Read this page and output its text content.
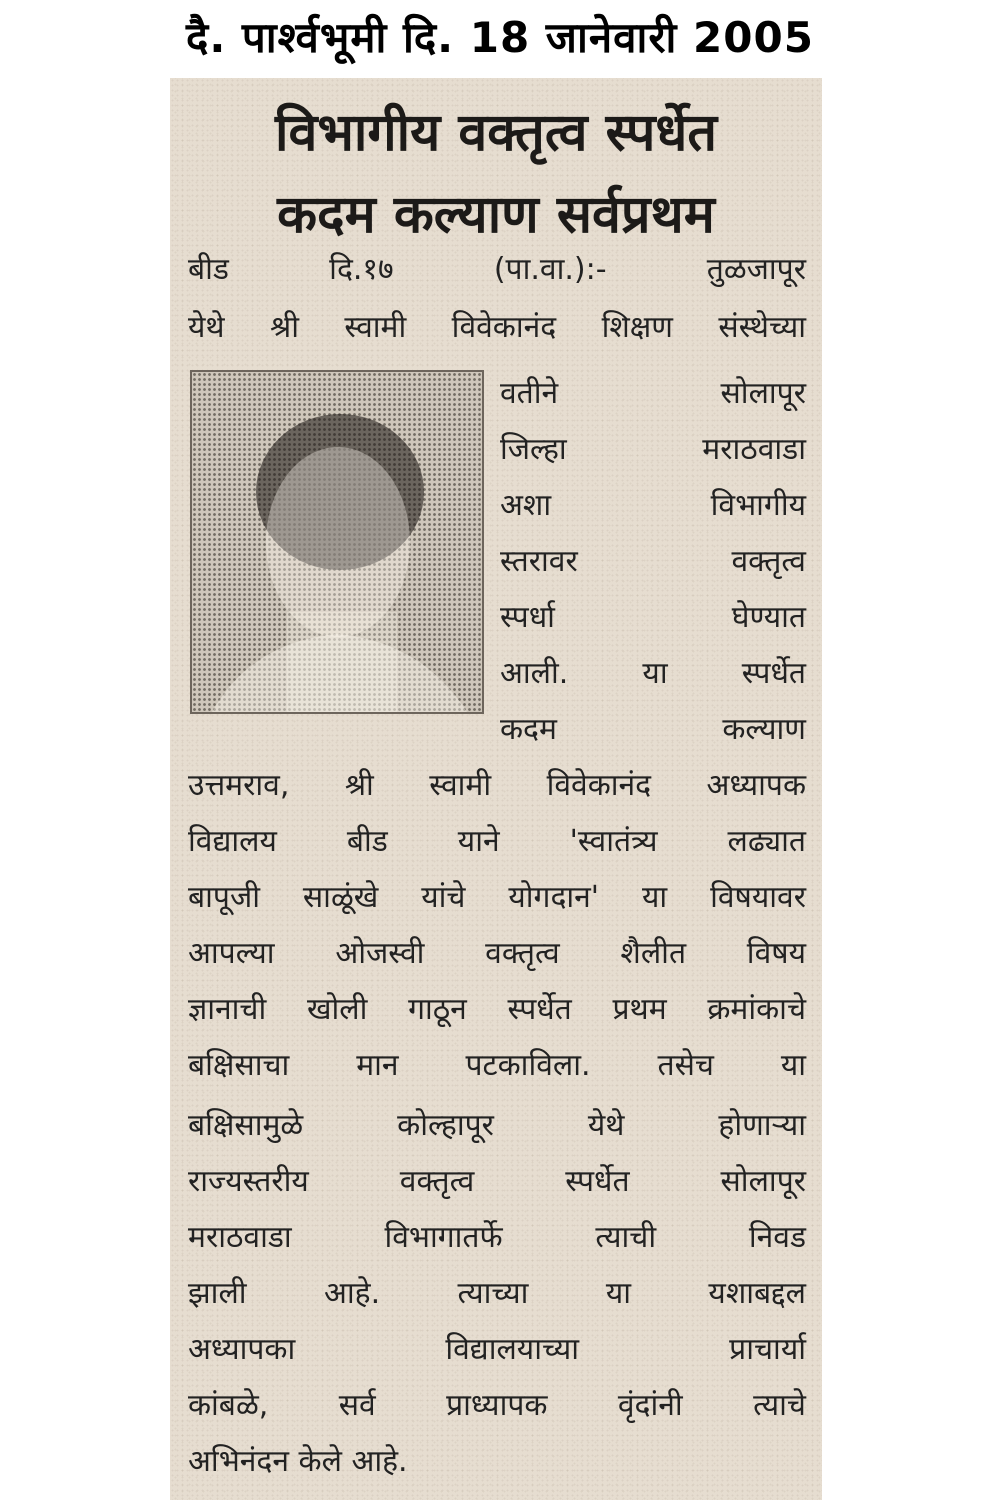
दै. पार्श्वभूमी दि. 18 जानेवारी 2005
विभागीय वक्तृत्व स्पर्धेत
कदम कल्याण सर्वप्रथम
बीड दि.१७ (पा.वा.):- तुळजापूर
येथे श्री स्वामी विवेकानंद शिक्षण संस्थेच्या
वतीने सोलापूर
जिल्हा मराठवाडा
अशा विभागीय
स्तरावर वक्तृत्व
स्पर्धा घेण्यात
आली. या स्पर्धेत
कदम कल्याण
उत्तमराव, श्री स्वामी विवेकानंद अध्यापक
विद्यालय बीड याने 'स्वातंत्र्य लढ्यात
बापूजी साळूंखे यांचे योगदान' या विषयावर
आपल्या ओजस्वी वक्तृत्व शैलीत विषय
ज्ञानाची खोली गाठून स्पर्धेत प्रथम क्रमांकाचे
बक्षिसाचा मान पटकाविला. तसेच या
बक्षिसामुळे कोल्हापूर येथे होणाऱ्या
राज्यस्तरीय वक्तृत्व स्पर्धेत सोलापूर
मराठवाडा विभागातर्फे त्याची निवड
झाली आहे. त्याच्या या यशाबद्दल
अध्यापका विद्यालयाच्या प्राचार्या
कांबळे, सर्व प्राध्यापक वृंदांनी त्याचे
अभिनंदन केले आहे.
